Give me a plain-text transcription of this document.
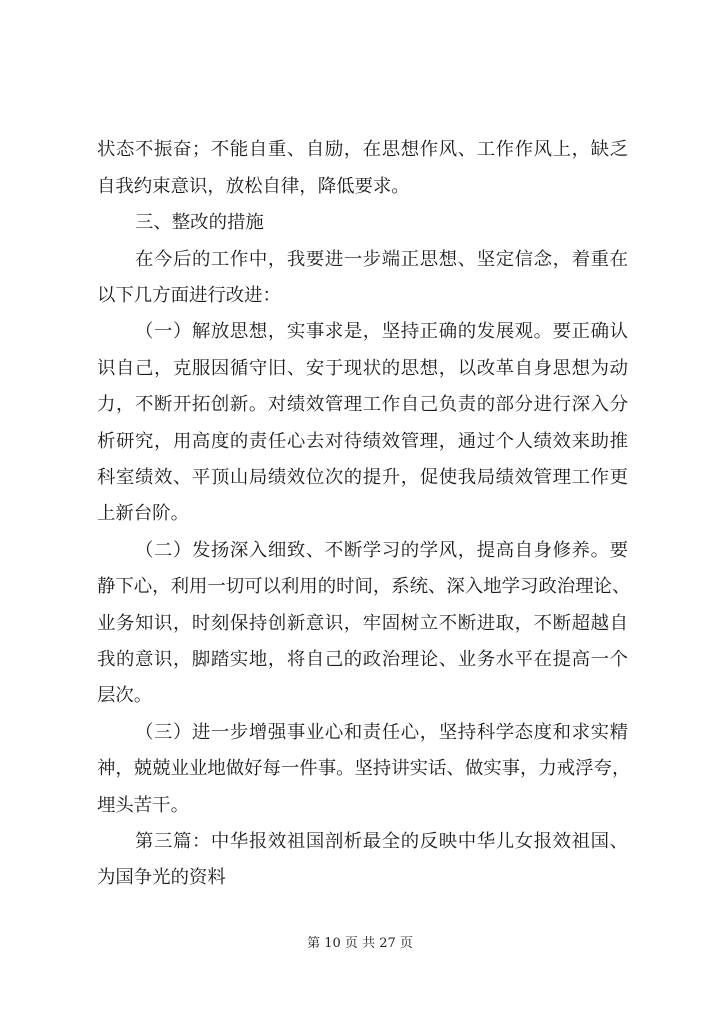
状态不振奋；不能自重、自励，在思想作风、工作作风上，缺乏
自我约束意识，放松自律，降低要求。
三、整改的措施
在今后的工作中，我要进一步端正思想、坚定信念，着重在
以下几方面进行改进：
（一）解放思想，实事求是，坚持正确的发展观。要正确认
识自己，克服因循守旧、安于现状的思想，以改革自身思想为动
力，不断开拓创新。对绩效管理工作自己负责的部分进行深入分
析研究，用高度的责任心去对待绩效管理，通过个人绩效来助推
科室绩效、平顶山局绩效位次的提升，促使我局绩效管理工作更
上新台阶。
（二）发扬深入细致、不断学习的学风，提高自身修养。要
静下心，利用一切可以利用的时间，系统、深入地学习政治理论、
业务知识，时刻保持创新意识，牢固树立不断进取，不断超越自
我的意识，脚踏实地，将自己的政治理论、业务水平在提高一个
层次。
（三）进一步增强事业心和责任心，坚持科学态度和求实精
神，兢兢业业地做好每一件事。坚持讲实话、做实事，力戒浮夸，
埋头苦干。
第三篇：中华报效祖国剖析最全的反映中华儿女报效祖国、
为国争光的资料
第 10 页 共 27 页
